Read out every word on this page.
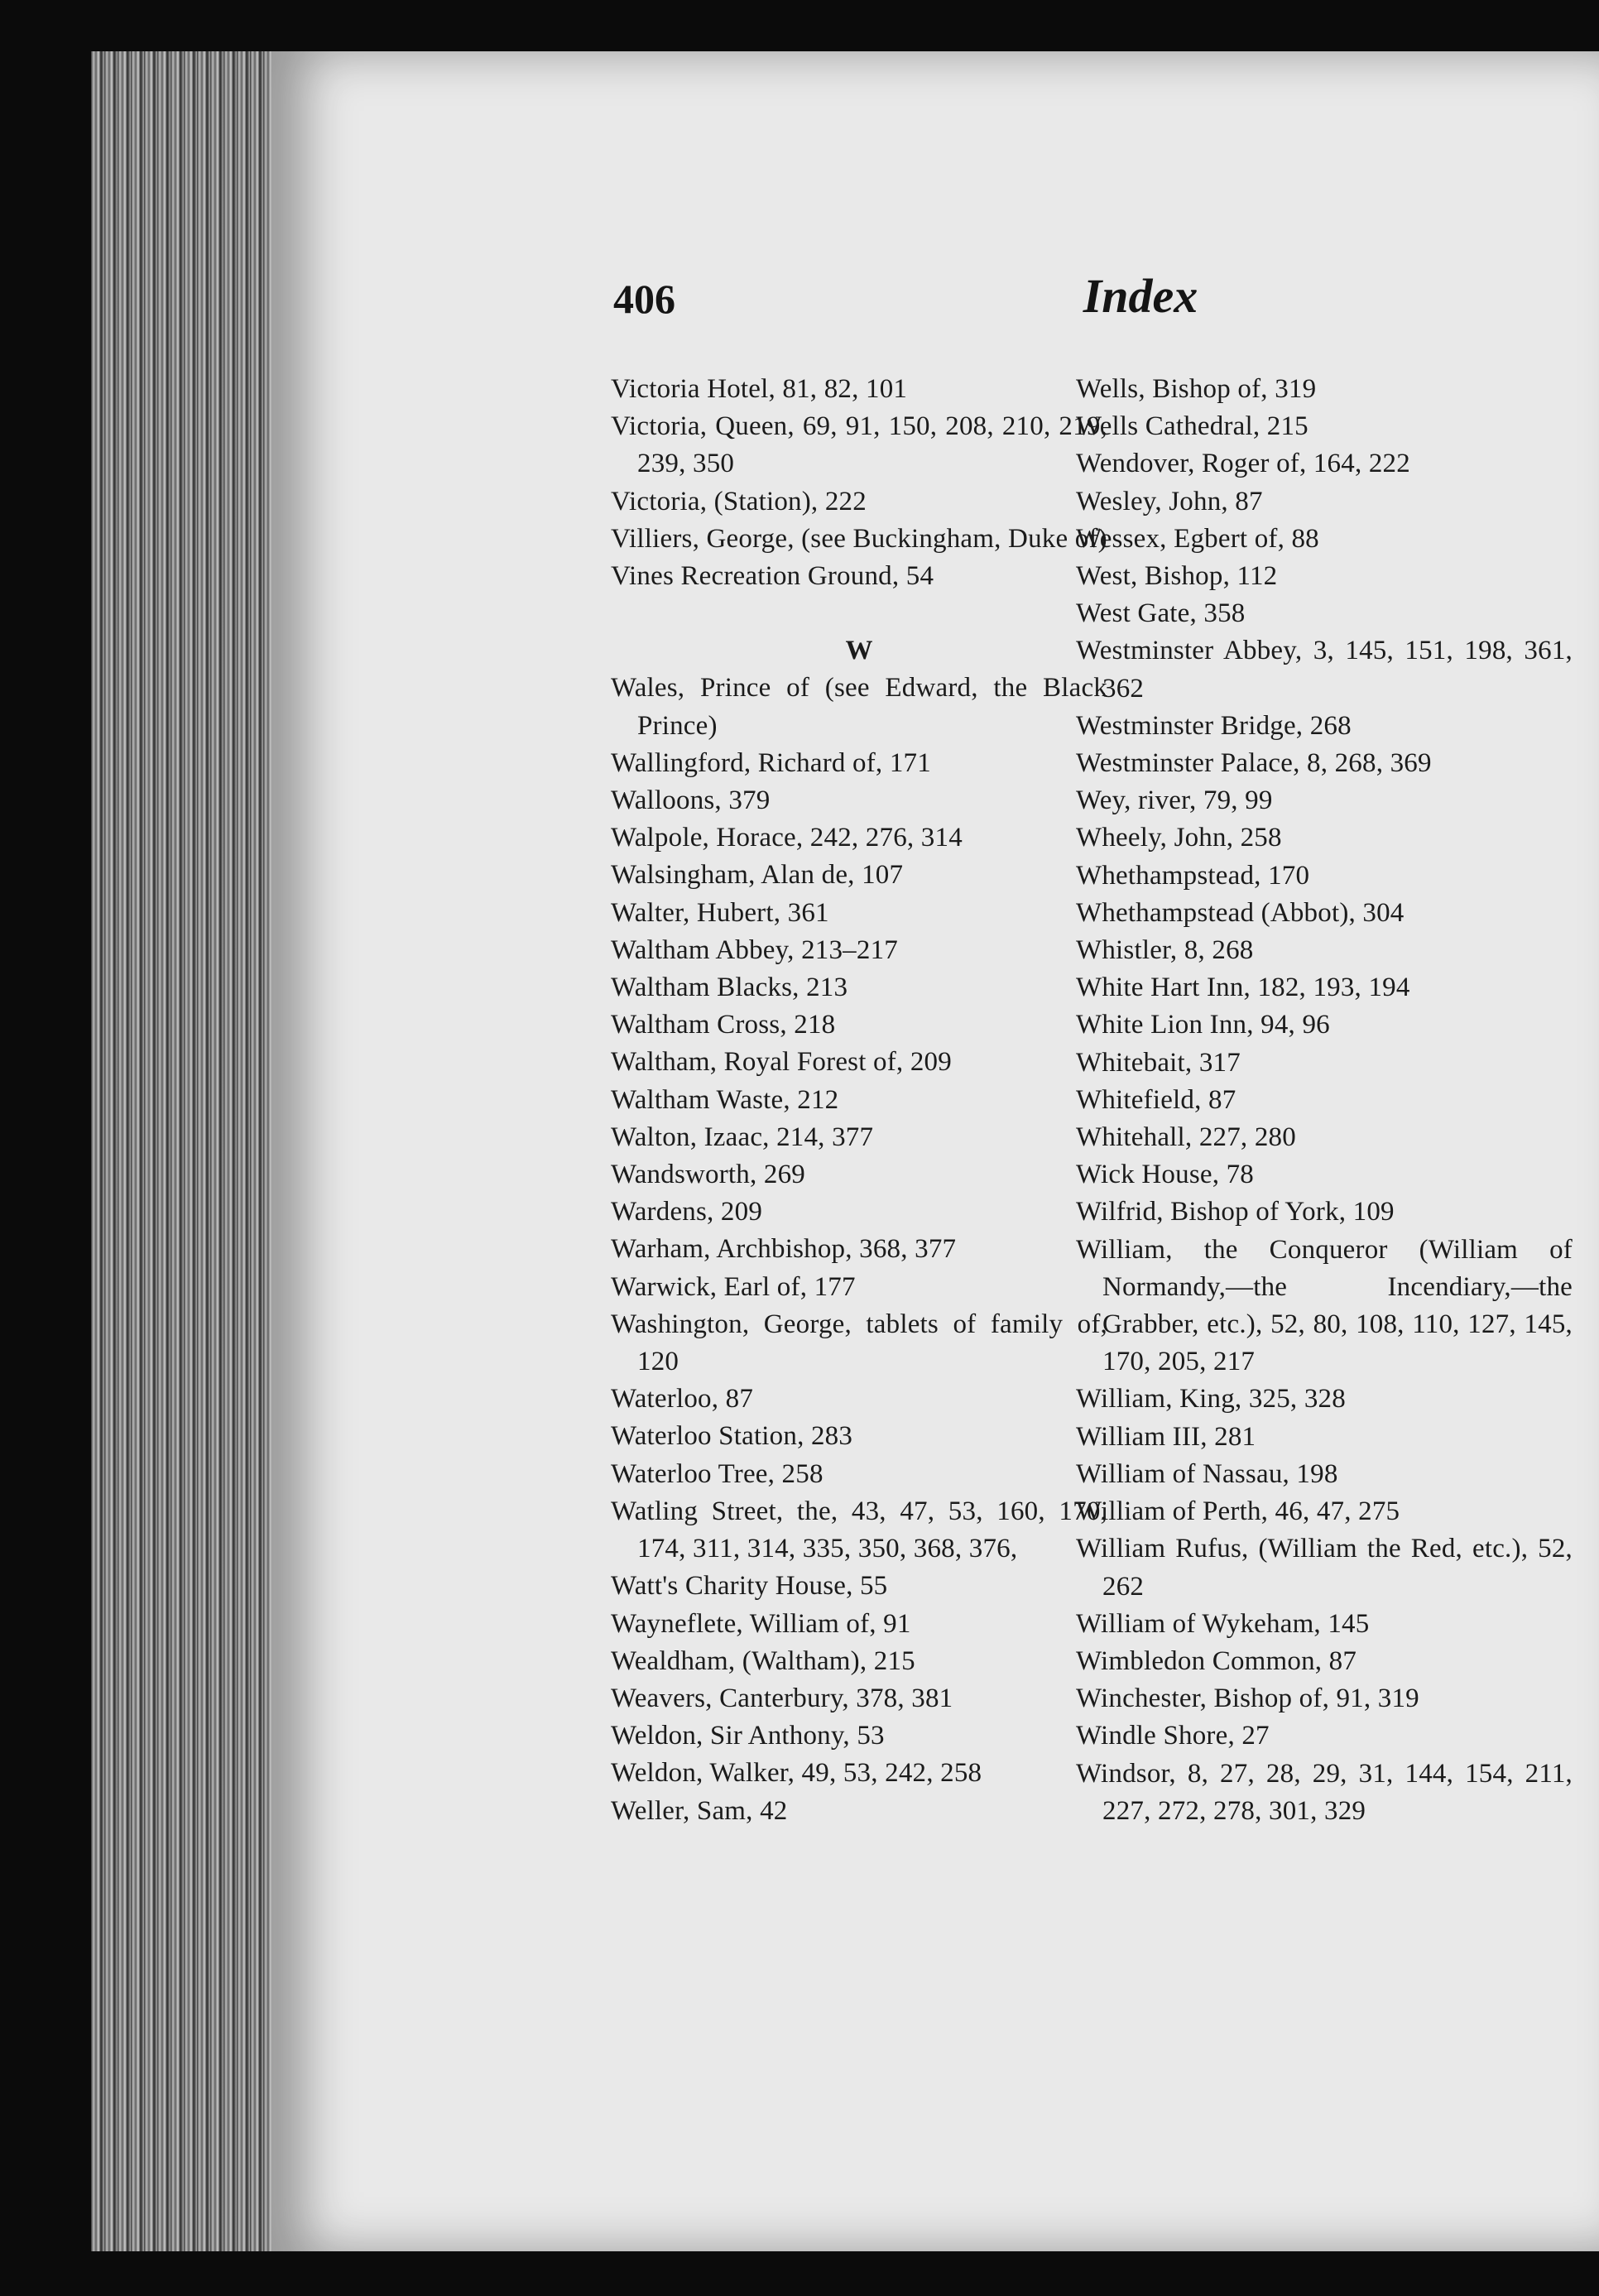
406	Index
Victoria Hotel, 81, 82, 101
Victoria, Queen, 69, 91, 150, 208, 210, 219, 239, 350
Victoria, (Station), 222
Villiers, George, (see Buckingham, Duke of)
Vines Recreation Ground, 54
W
Wales, Prince of (see Edward, the Black Prince)
Wallingford, Richard of, 171
Walloons, 379
Walpole, Horace, 242, 276, 314
Walsingham, Alan de, 107
Walter, Hubert, 361
Waltham Abbey, 213–217
Waltham Blacks, 213
Waltham Cross, 218
Waltham, Royal Forest of, 209
Waltham Waste, 212
Walton, Izaac, 214, 377
Wandsworth, 269
Wardens, 209
Warham, Archbishop, 368, 377
Warwick, Earl of, 177
Washington, George, tablets of family of, 120
Waterloo, 87
Waterloo Station, 283
Waterloo Tree, 258
Watling Street, the, 43, 47, 53, 160, 170, 174, 311, 314, 335, 350, 368, 376,
Watt's Charity House, 55
Wayneflete, William of, 91
Wealdham, (Waltham), 215
Weavers, Canterbury, 378, 381
Weldon, Sir Anthony, 53
Weldon, Walker, 49, 53, 242, 258
Weller, Sam, 42
Wells, Bishop of, 319
Wells Cathedral, 215
Wendover, Roger of, 164, 222
Wesley, John, 87
Wessex, Egbert of, 88
West, Bishop, 112
West Gate, 358
Westminster Abbey, 3, 145, 151, 198, 361, 362
Westminster Bridge, 268
Westminster Palace, 8, 268, 369
Wey, river, 79, 99
Wheely, John, 258
Whethampstead, 170
Whethampstead (Abbot), 304
Whistler, 8, 268
White Hart Inn, 182, 193, 194
White Lion Inn, 94, 96
Whitebait, 317
Whitefield, 87
Whitehall, 227, 280
Wick House, 78
Wilfrid, Bishop of York, 109
William, the Conqueror (William of Normandy,—the Incendiary,—the Grabber, etc.), 52, 80, 108, 110, 127, 145, 170, 205, 217
William, King, 325, 328
William III, 281
William of Nassau, 198
William of Perth, 46, 47, 275
William Rufus, (William the Red, etc.), 52, 262
William of Wykeham, 145
Wimbledon Common, 87
Winchester, Bishop of, 91, 319
Windle Shore, 27
Windsor, 8, 27, 28, 29, 31, 144, 154, 211, 227, 272, 278, 301, 329
